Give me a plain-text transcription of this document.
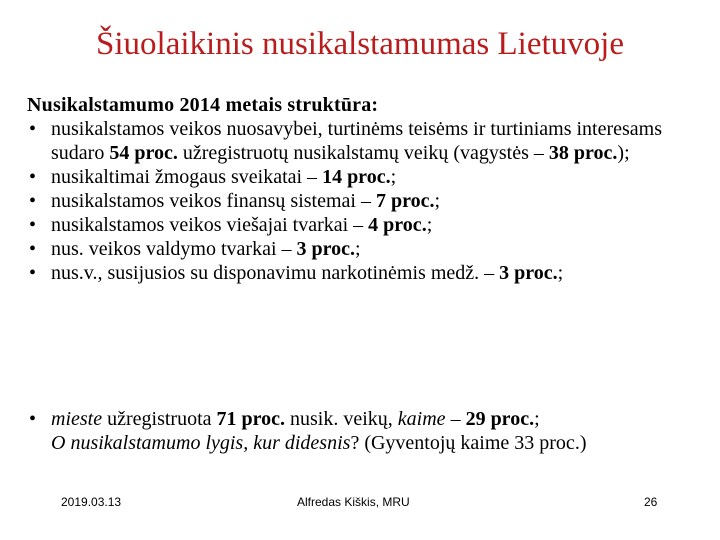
Šiuolaikinis nusikalstamumas Lietuvoje
Nusikalstamumo 2014 metais struktūra:
• nusikalstamos veikos nuosavybei, turtinėms teisėms ir turtiniams interesams sudaro 54 proc. užregistruotų nusikalstamų veikų (vagystės – 38 proc.);
• nusikaltimai žmogaus sveikatai – 14 proc.;
• nusikalstamos veikos finansų sistemai – 7 proc.;
• nusikalstamos veikos viešajai tvarkai – 4 proc.;
• nus. veikos valdymo tvarkai – 3 proc.;
• nus.v., susijusios su disponavimu narkotinėmis medž. – 3 proc.;
• mieste užregistruota 71 proc. nusik. veikų, kaime – 29 proc.;
O nusikalstamumo lygis, kur didesnis? (Gyventojų kaime 33 proc.)
2019.03.13	Alfredas Kiškis, MRU	26
